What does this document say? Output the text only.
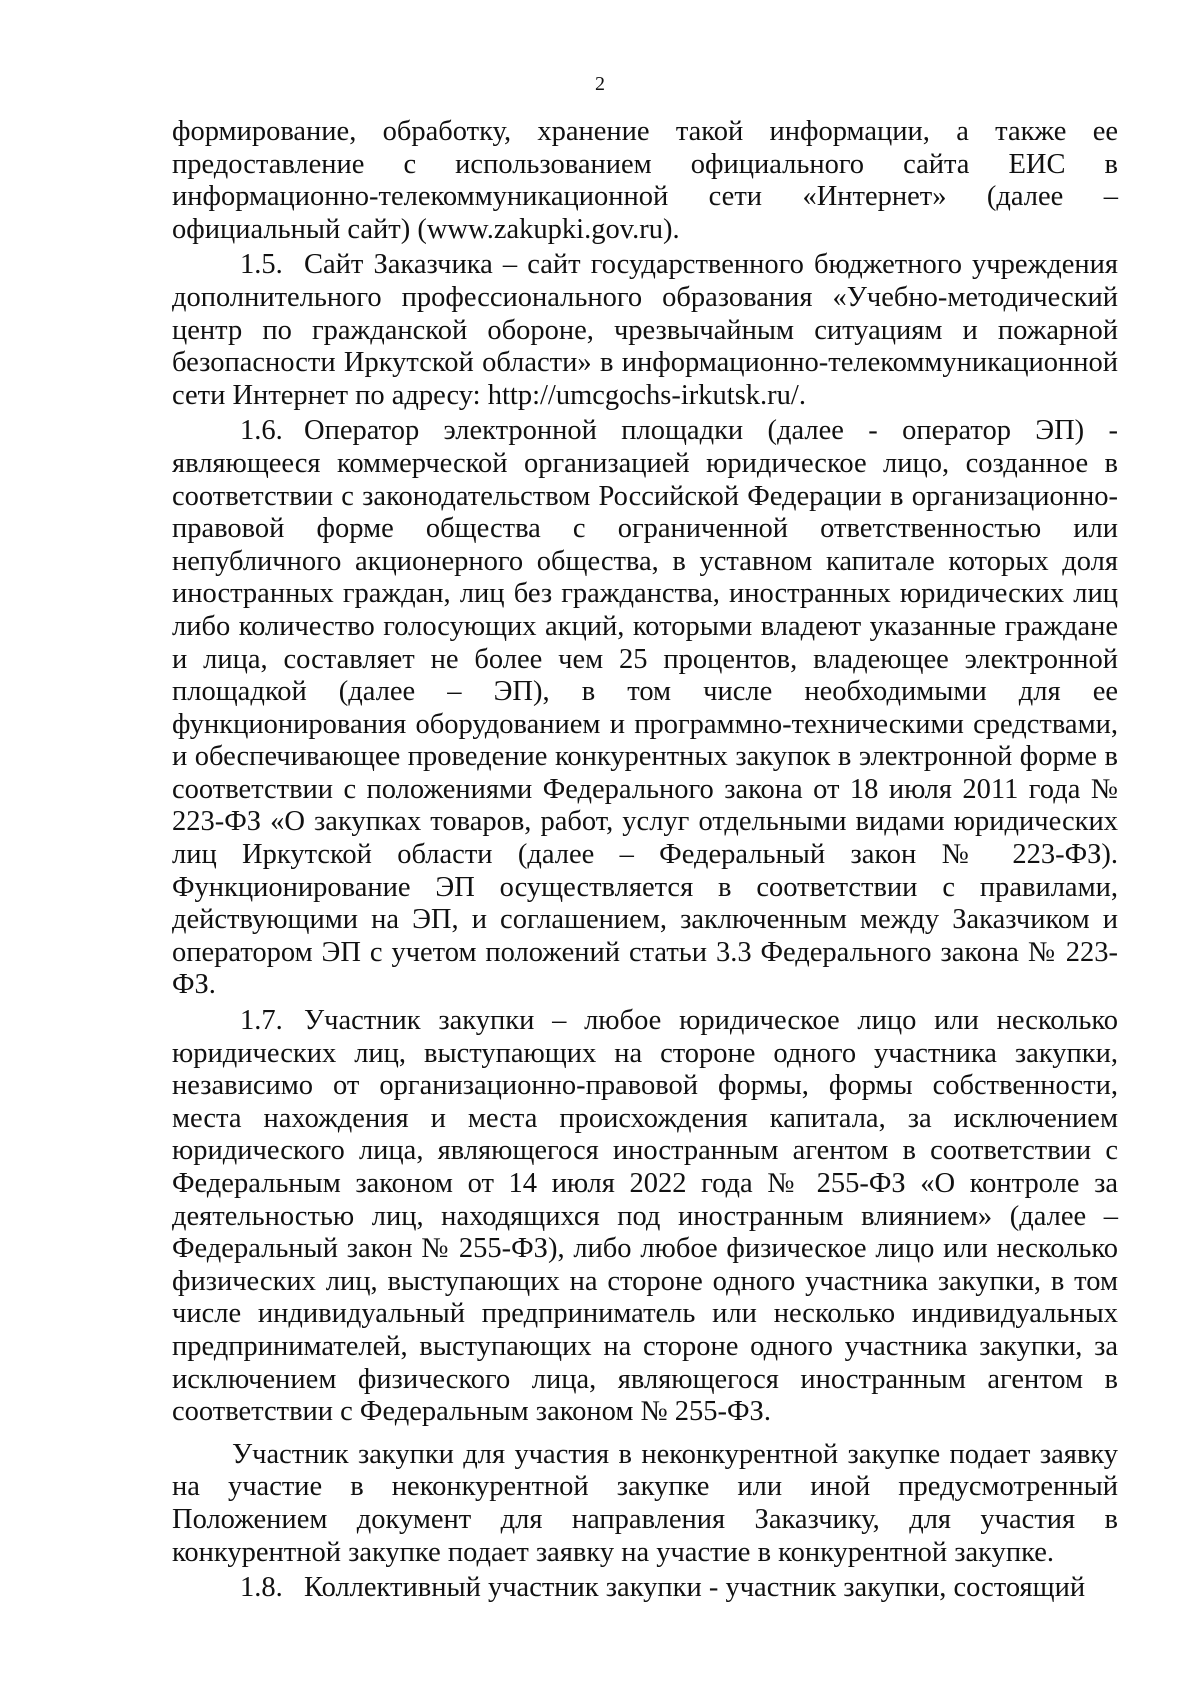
2

формирование, обработку, хранение такой информации, а также ее предоставление с использованием официального сайта ЕИС в информационно-телекоммуникационной сети «Интернет» (далее – официальный сайт) (www.zakupki.gov.ru).

1.5. Сайт Заказчика – сайт государственного бюджетного учреждения дополнительного профессионального образования «Учебно-методический центр по гражданской обороне, чрезвычайным ситуациям и пожарной безопасности Иркутской области» в информационно-телекоммуникационной сети Интернет по адресу: http://umcgochs-irkutsk.ru/.

1.6. Оператор электронной площадки (далее - оператор ЭП) - являющееся коммерческой организацией юридическое лицо, созданное в соответствии с законодательством Российской Федерации в организационно-правовой форме общества с ограниченной ответственностью или непубличного акционерного общества, в уставном капитале которых доля иностранных граждан, лиц без гражданства, иностранных юридических лиц либо количество голосующих акций, которыми владеют указанные граждане и лица, составляет не более чем 25 процентов, владеющее электронной площадкой (далее – ЭП), в том числе необходимыми для ее функционирования оборудованием и программно-техническими средствами, и обеспечивающее проведение конкурентных закупок в электронной форме в соответствии с положениями Федерального закона от 18 июля 2011 года № 223-ФЗ «О закупках товаров, работ, услуг отдельными видами юридических лиц Иркутской области (далее – Федеральный закон № 223-ФЗ). Функционирование ЭП осуществляется в соответствии с правилами, действующими на ЭП, и соглашением, заключенным между Заказчиком и оператором ЭП с учетом положений статьи 3.3 Федерального закона № 223-ФЗ.

1.7. Участник закупки – любое юридическое лицо или несколько юридических лиц, выступающих на стороне одного участника закупки, независимо от организационно-правовой формы, формы собственности, места нахождения и места происхождения капитала, за исключением юридического лица, являющегося иностранным агентом в соответствии с Федеральным законом от 14 июля 2022 года № 255-ФЗ «О контроле за деятельностью лиц, находящихся под иностранным влиянием» (далее – Федеральный закон № 255-ФЗ), либо любое физическое лицо или несколько физических лиц, выступающих на стороне одного участника закупки, в том числе индивидуальный предприниматель или несколько индивидуальных предпринимателей, выступающих на стороне одного участника закупки, за исключением физического лица, являющегося иностранным агентом в соответствии с Федеральным законом № 255-ФЗ.

Участник закупки для участия в неконкурентной закупке подает заявку на участие в неконкурентной закупке или иной предусмотренный Положением документ для направления Заказчику, для участия в конкурентной закупке подает заявку на участие в конкурентной закупке.

1.8. Коллективный участник закупки - участник закупки, состоящий
